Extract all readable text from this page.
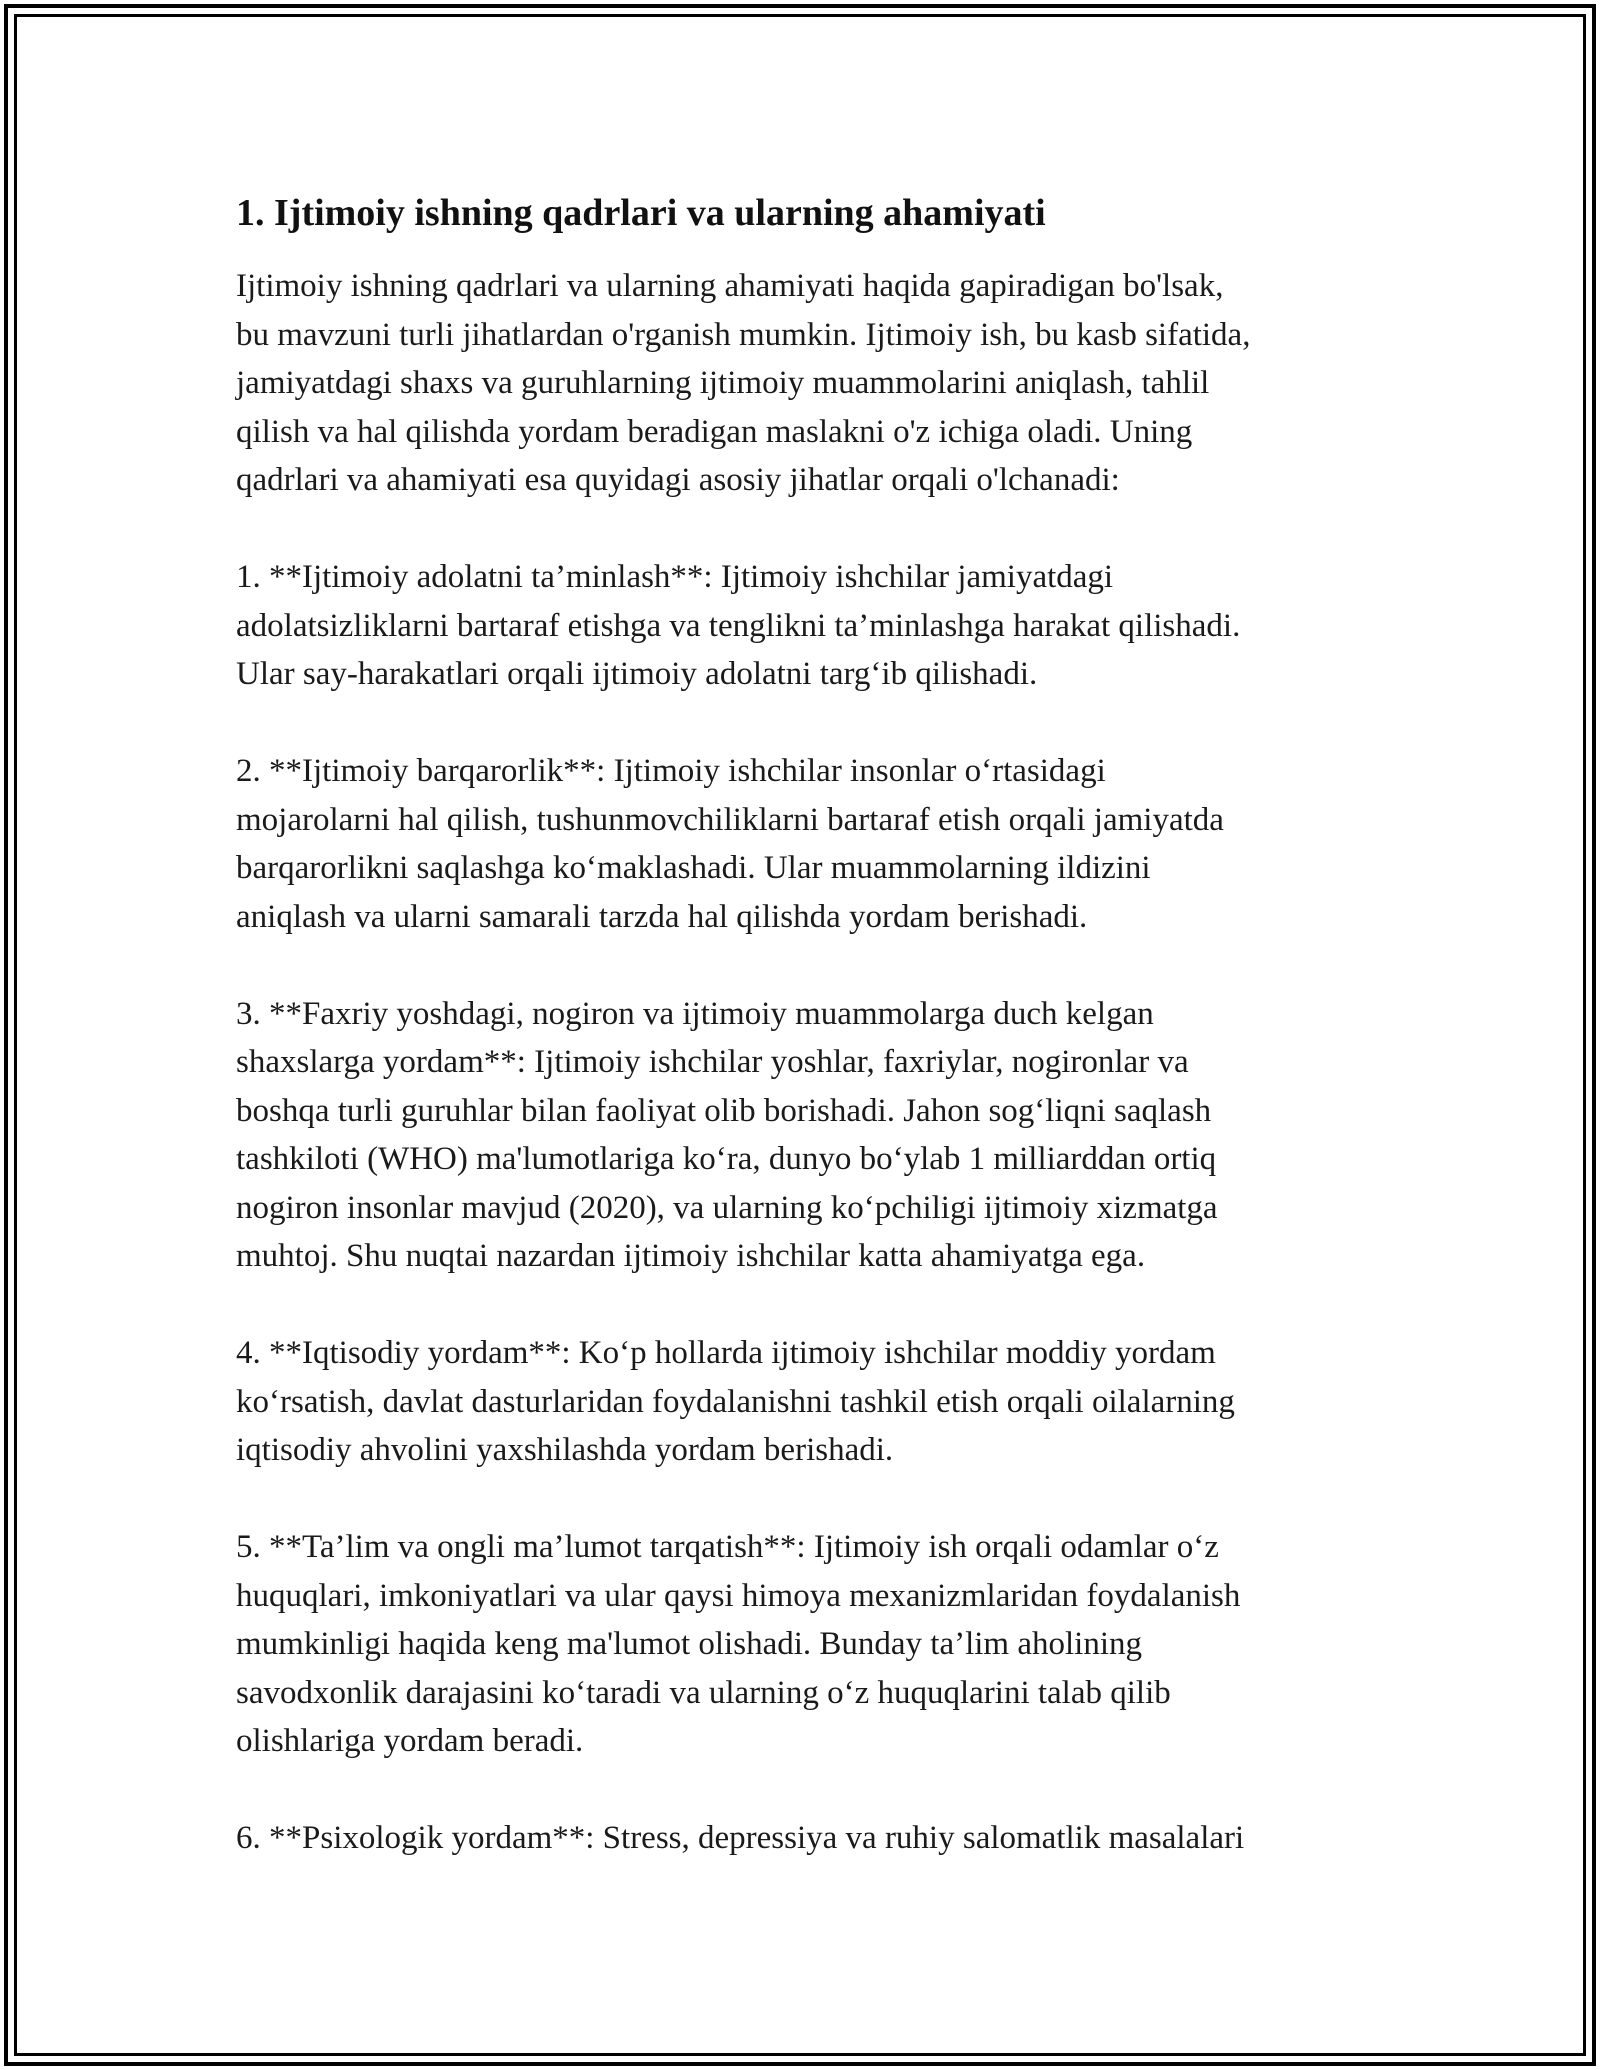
1. Ijtimoiy ishning qadrlari va ularning ahamiyati

Ijtimoiy ishning qadrlari va ularning ahamiyati haqida gapiradigan bo'lsak,
bu mavzuni turli jihatlardan o'rganish mumkin. Ijtimoiy ish, bu kasb sifatida,
jamiyatdagi shaxs va guruhlarning ijtimoiy muammolarini aniqlash, tahlil
qilish va hal qilishda yordam beradigan maslakni o'z ichiga oladi. Uning
qadrlari va ahamiyati esa quyidagi asosiy jihatlar orqali o'lchanadi:

1. **Ijtimoiy adolatni ta’minlash**: Ijtimoiy ishchilar jamiyatdagi
adolatsizliklarni bartaraf etishga va tenglikni ta’minlashga harakat qilishadi.
Ular say-harakatlari orqali ijtimoiy adolatni targ‘ib qilishadi.

2. **Ijtimoiy barqarorlik**: Ijtimoiy ishchilar insonlar o‘rtasidagi
mojarolarni hal qilish, tushunmovchiliklarni bartaraf etish orqali jamiyatda
barqarorlikni saqlashga ko‘maklashadi. Ular muammolarning ildizini
aniqlash va ularni samarali tarzda hal qilishda yordam berishadi.

3. **Faxriy yoshdagi, nogiron va ijtimoiy muammolarga duch kelgan
shaxslarga yordam**: Ijtimoiy ishchilar yoshlar, faxriylar, nogironlar va
boshqa turli guruhlar bilan faoliyat olib borishadi. Jahon sog‘liqni saqlash
tashkiloti (WHO) ma'lumotlariga ko‘ra, dunyo bo‘ylab 1 milliarddan ortiq
nogiron insonlar mavjud (2020), va ularning ko‘pchiligi ijtimoiy xizmatga
muhtoj. Shu nuqtai nazardan ijtimoiy ishchilar katta ahamiyatga ega.

4. **Iqtisodiy yordam**: Ko‘p hollarda ijtimoiy ishchilar moddiy yordam
ko‘rsatish, davlat dasturlaridan foydalanishni tashkil etish orqali oilalarning
iqtisodiy ahvolini yaxshilashda yordam berishadi.

5. **Ta’lim va ongli ma’lumot tarqatish**: Ijtimoiy ish orqali odamlar o‘z
huquqlari, imkoniyatlari va ular qaysi himoya mexanizmlaridan foydalanish
mumkinligi haqida keng ma'lumot olishadi. Bunday ta’lim aholining
savodxonlik darajasini ko‘taradi va ularning o‘z huquqlarini talab qilib
olishlariga yordam beradi.

6. **Psixologik yordam**: Stress, depressiya va ruhiy salomatlik masalalari
